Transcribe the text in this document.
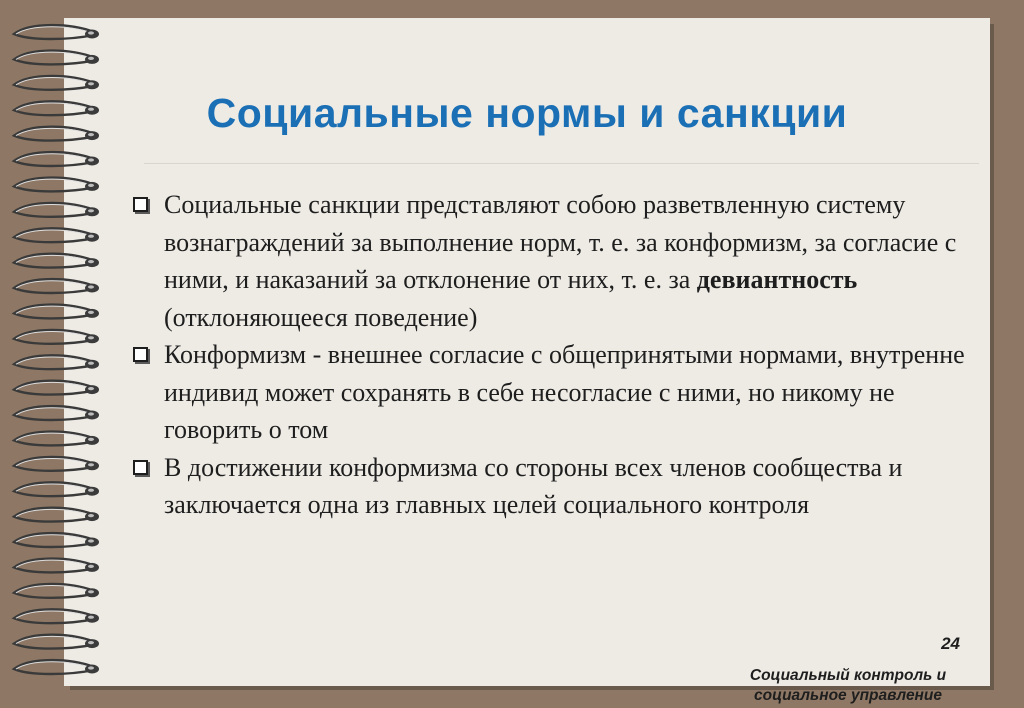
Социальные нормы и санкции
Социальные санкции представляют собою разветвленную систему вознаграждений за выполнение норм, т. е. за конформизм, за согласие с ними, и наказаний за отклонение от них, т. е. за девиантность (отклоняющееся поведение)
Конформизм - внешнее согласие с общепринятыми нормами, внутренне индивид может сохранять в себе несогласие с ними, но никому не говорить о том
В достижении конформизма со стороны всех членов сообщества и заключается одна из главных целей социального контроля
24
Социальный контроль и
социальное управление
